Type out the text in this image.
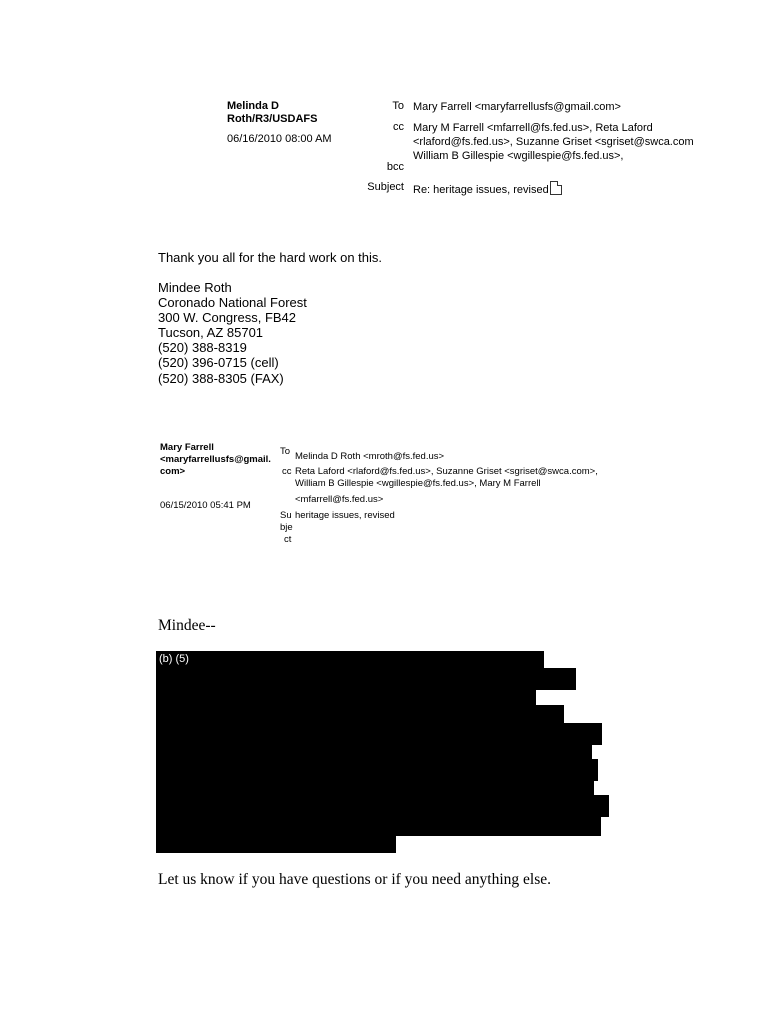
Melinda D
Roth/R3/USDAFS
06/16/2010 08:00 AM
To Mary Farrell <maryfarrellusfs@gmail.com>
cc Mary M Farrell <mfarrell@fs.fed.us>, Reta Laford
<rlaford@fs.fed.us>, Suzanne Griset <sgriset@swca.com
William B Gillespie <wgillespie@fs.fed.us>,
bcc
Subject Re: heritage issues, revised
Thank you all for the hard work on this.
Mindee Roth
Coronado National Forest
300 W. Congress, FB42
Tucson, AZ 85701
(520) 388-8319
(520) 396-0715 (cell)
(520) 388-8305 (FAX)
Mary Farrell
<maryfarrellusfs@gmail.
com>
06/15/2010 05:41 PM
To Melinda D Roth <mroth@fs.fed.us>
cc Reta Laford <rlaford@fs.fed.us>, Suzanne Griset <sgriset@swca.com>,
William B Gillespie <wgillespie@fs.fed.us>, Mary M Farrell
<mfarrell@fs.fed.us>
Su
bje
ct
heritage issues, revised
Mindee--
(b) (5)
Let us know if you have questions or if you need anything else.
